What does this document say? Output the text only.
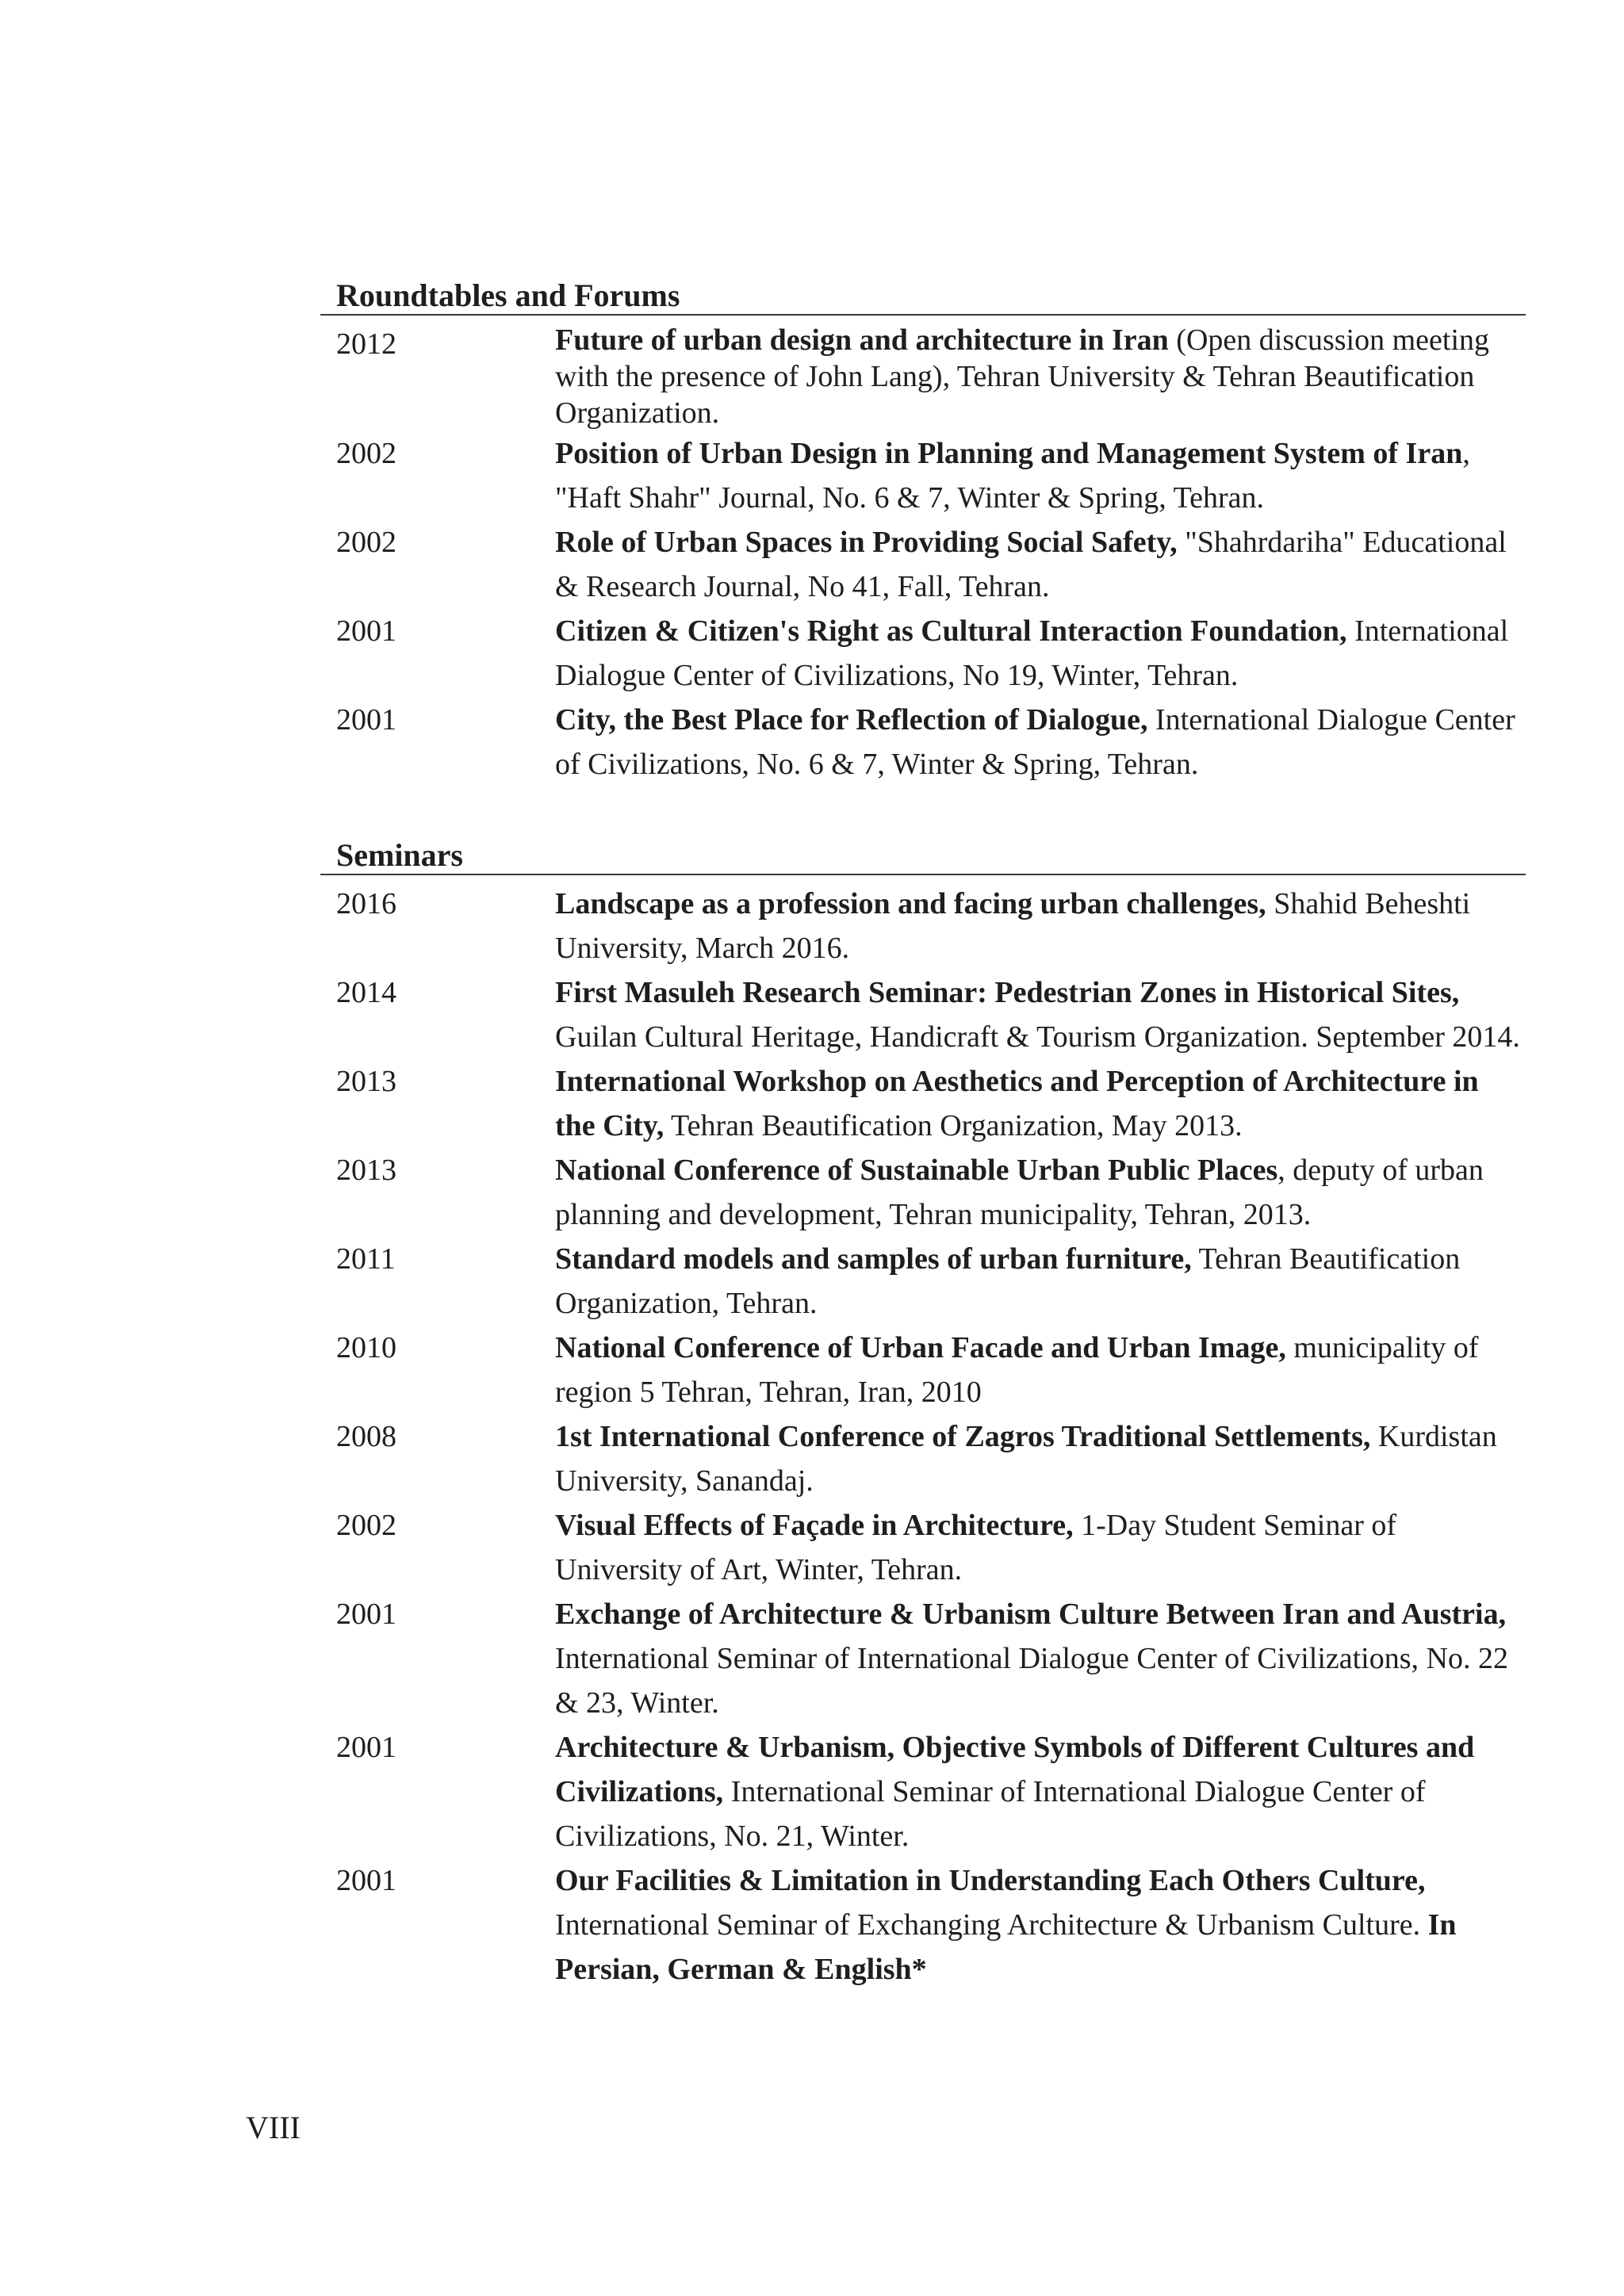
Roundtables and Forums
2012	Future of urban design and architecture in Iran (Open discussion meeting with the presence of John Lang), Tehran University & Tehran Beautification Organization.
2002	Position of Urban Design in Planning and Management System of Iran, "Haft Shahr" Journal, No. 6 & 7, Winter & Spring, Tehran.
2002	Role of Urban Spaces in Providing Social Safety, "Shahrdariha" Educational & Research Journal, No 41, Fall, Tehran.
2001	Citizen & Citizen's Right as Cultural Interaction Foundation, International Dialogue Center of Civilizations, No 19, Winter, Tehran.
2001	City, the Best Place for Reflection of Dialogue, International Dialogue Center of Civilizations, No. 6 & 7, Winter & Spring, Tehran.
Seminars
2016	Landscape as a profession and facing urban challenges, Shahid Beheshti University, March 2016.
2014	First Masuleh Research Seminar: Pedestrian Zones in Historical Sites, Guilan Cultural Heritage, Handicraft & Tourism Organization. September 2014.
2013	International Workshop on Aesthetics and Perception of Architecture in the City, Tehran Beautification Organization, May 2013.
2013	National Conference of Sustainable Urban Public Places, deputy of urban planning and development, Tehran municipality, Tehran, 2013.
2011	Standard models and samples of urban furniture, Tehran Beautification Organization, Tehran.
2010	National Conference of Urban Facade and Urban Image, municipality of region 5 Tehran, Tehran, Iran, 2010
2008	1st International Conference of Zagros Traditional Settlements, Kurdistan University, Sanandaj.
2002	Visual Effects of Façade in Architecture, 1-Day Student Seminar of University of Art, Winter, Tehran.
2001	Exchange of Architecture & Urbanism Culture Between Iran and Austria, International Seminar of International Dialogue Center of Civilizations, No. 22 & 23, Winter.
2001	Architecture & Urbanism, Objective Symbols of Different Cultures and Civilizations, International Seminar of International Dialogue Center of Civilizations, No. 21, Winter.
2001	Our Facilities & Limitation in Understanding Each Others Culture, International Seminar of Exchanging Architecture & Urbanism Culture. In Persian, German & English*
VIII
